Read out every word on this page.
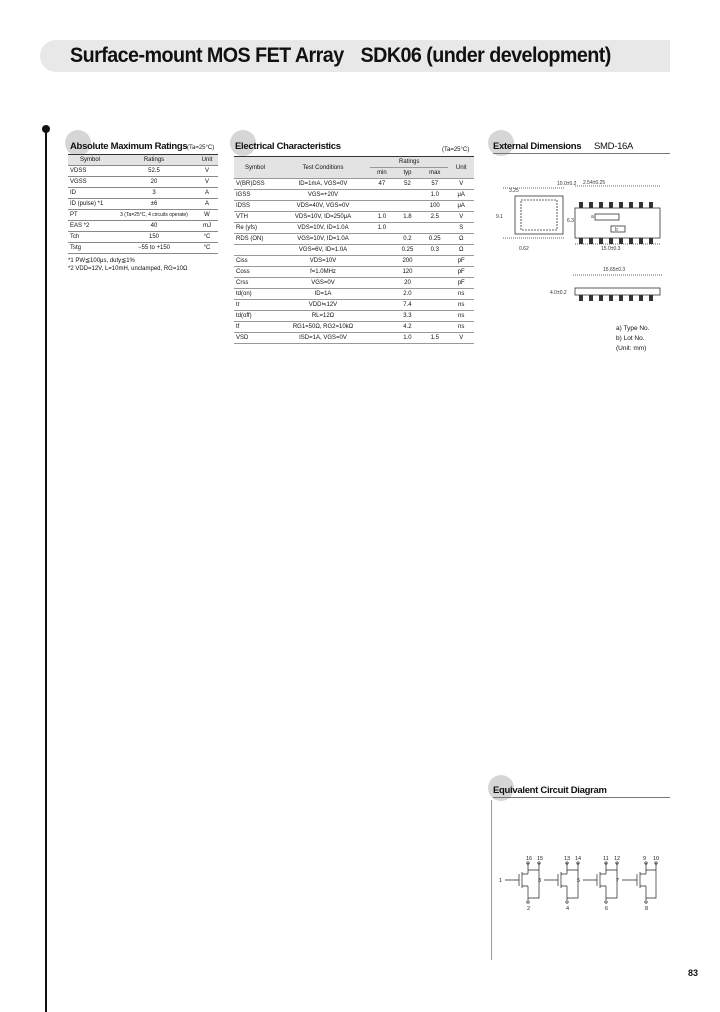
Surface-mount MOS FET Array SDK06 (under development)
Absolute Maximum Ratings (Ta=25°C)
Symbol	Ratings	Unit
VDSS	52.5	V
VGSS	20	V
ID	3	A
ID (pulse) *1	±6	A
PT	3 (Ta=25°C, 4 circuits operate)	W
EAS *2	40	mJ
Tch	150	°C
Tstg	−55 to +150	°C
*1 PW≦100μs, duty≦1%
*2 VDD=12V, L=10mH, unclamped, RG=10Ω
Electrical Characteristics	(Ta=25°C)
Symbol	Test Conditions	Ratings			Unit
		min	typ	max	
V(BR)DSS	ID=1mA, VGS=0V	47	52	57	V
IGSS	VGS=+20V			1.0	μA
IDSS	VDS=40V, VGS=0V			100	μA
VTH	VDS=10V, ID=250μA	1.0	1.8	2.5	V
Re (yfs)	VDS=10V, ID=1.0A	1.0			S
RDS (ON)	VGS=10V, ID=1.0A		0.2	0.25	Ω
	VGS=6V, ID=1.0A		0.25	0.3	Ω
Ciss	VDS=10V		200		pF
Coss	f=1.0MHz		120		pF
Crss	VGS=0V		20		pF
td(on)	ID=1A		2.0		ns
tr	VDD≒12V		7.4		ns
td(off)	RL=12Ω		3.3		ns
tf	RG1=50Ω, RG2=10kΩ		4.2		ns
VSD	ISD=1A, VGS=0V		1.0	1.5	V
External Dimensions SMD-16A
3.25
10.0±0.2 2.54±0.25
15.0±0.3
9.1
6.3
15.65±0.3
4.0±0.2
0.62
a
b
a) Type No.
b) Lot No.
(Unit: mm)
Equivalent Circuit Diagram
16 15	13 14	11 12	9 10
1	3	5	7
2	4	6	8
83
